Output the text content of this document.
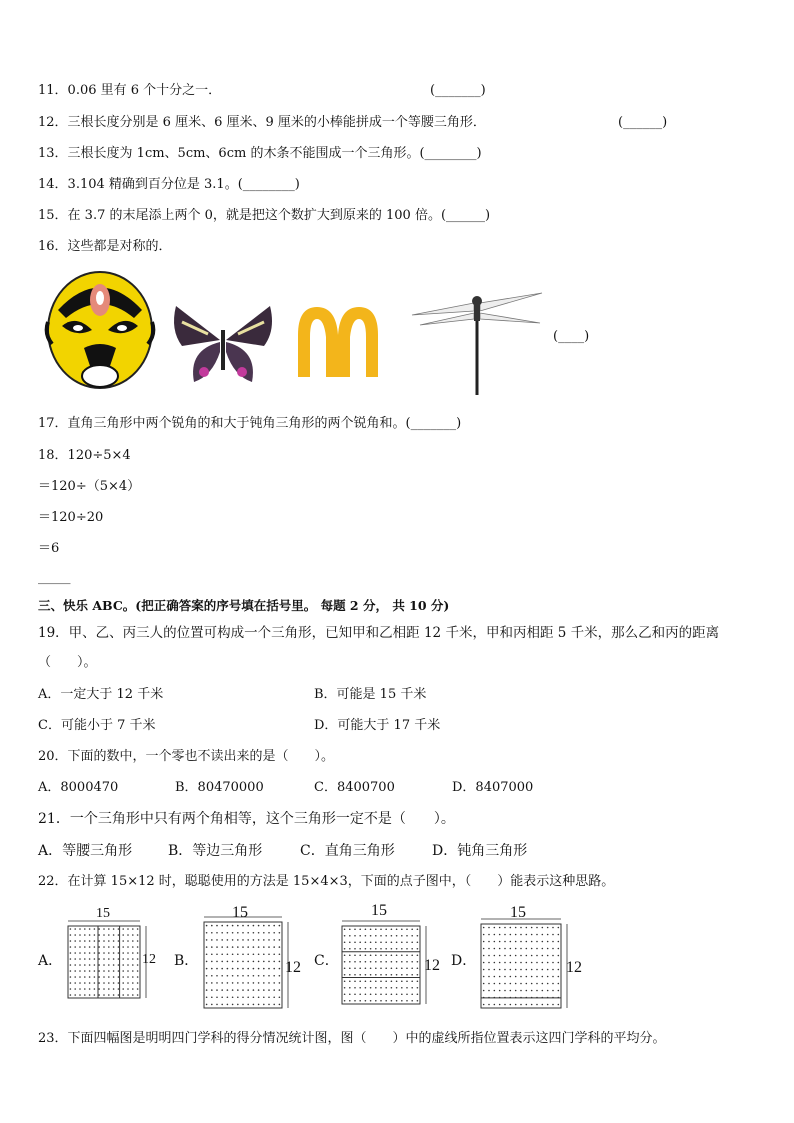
11．0.06 里有 6 个十分之一．	(_______)
12．三根长度分别是 6 厘米、6 厘米、9 厘米的小棒能拼成一个等腰三角形．	(______)
13．三根长度为 1cm、5cm、6cm 的木条不能围成一个三角形。(________)
14．3.104 精确到百分位是 3.1。(________)
15．在 3.7 的末尾添上两个 0，就是把这个数扩大到原来的 100 倍。(______)
16．这些都是对称的．
(____)
17．直角三角形中两个锐角的和大于钝角三角形的两个锐角和。(_______)
18．120÷5×4
＝120÷（5×4）
＝120÷20
＝6
_____
三、快乐 ABC。(把正确答案的序号填在括号里。 每题 2 分， 共 10 分)
19．甲、乙、丙三人的位置可构成一个三角形，已知甲和乙相距 12 千米，甲和丙相距 5 千米，那么乙和丙的距离
（　　）。
A．一定大于 12 千米	B．可能是 15 千米
C．可能小于 7 千米	D．可能大于 17 千米
20．下面的数中，一个零也不读出来的是（　　）。
A．8000470	B．80470000	C．8400700	D．8407000
21．一个三角形中只有两个角相等，这个三角形一定不是（　　）。
A．等腰三角形	B．等边三角形	C．直角三角形	D．钝角三角形
22．在计算 15×12 时，聪聪使用的方法是 15×4×3，下面的点子图中，（　　）能表示这种思路。
A．	B．	C．	D．
15
12
15
12
15
12
15
12
23．下面四幅图是明明四门学科的得分情况统计图，图（　　）中的虚线所指位置表示这四门学科的平均分。
